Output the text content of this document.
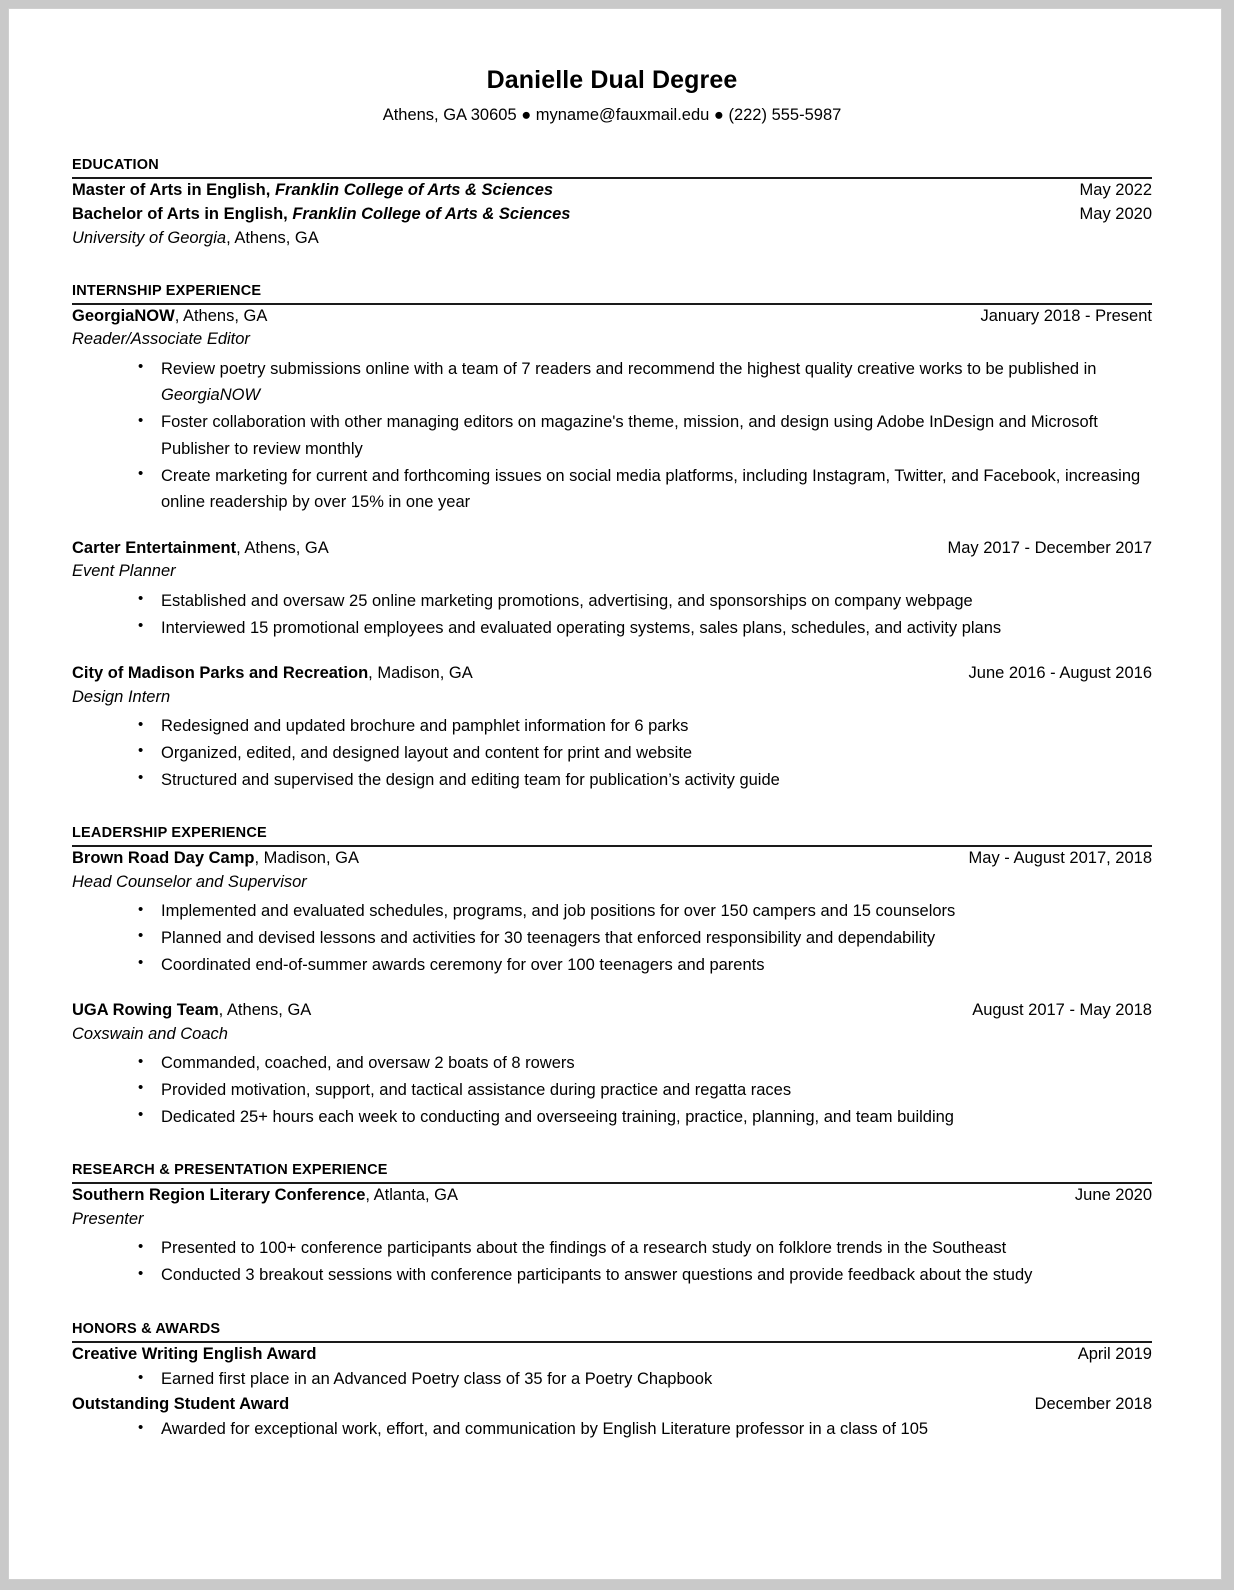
Danielle Dual Degree
Athens, GA 30605 ● myname@fauxmail.edu ● (222) 555-5987
EDUCATION
Master of Arts in English, Franklin College of Arts & Sciences	May 2022
Bachelor of Arts in English, Franklin College of Arts & Sciences	May 2020
University of Georgia, Athens, GA
INTERNSHIP EXPERIENCE
GeorgiaNOW, Athens, GA	January 2018 - Present
Reader/Associate Editor
• Review poetry submissions online with a team of 7 readers and recommend the highest quality creative works to be published in GeorgiaNOW
• Foster collaboration with other managing editors on magazine's theme, mission, and design using Adobe InDesign and Microsoft Publisher to review monthly
• Create marketing for current and forthcoming issues on social media platforms, including Instagram, Twitter, and Facebook, increasing online readership by over 15% in one year
Carter Entertainment, Athens, GA	May 2017 - December 2017
Event Planner
• Established and oversaw 25 online marketing promotions, advertising, and sponsorships on company webpage
• Interviewed 15 promotional employees and evaluated operating systems, sales plans, schedules, and activity plans
City of Madison Parks and Recreation, Madison, GA	June 2016 - August 2016
Design Intern
• Redesigned and updated brochure and pamphlet information for 6 parks
• Organized, edited, and designed layout and content for print and website
• Structured and supervised the design and editing team for publication’s activity guide
LEADERSHIP EXPERIENCE
Brown Road Day Camp, Madison, GA	May - August 2017, 2018
Head Counselor and Supervisor
• Implemented and evaluated schedules, programs, and job positions for over 150 campers and 15 counselors
• Planned and devised lessons and activities for 30 teenagers that enforced responsibility and dependability
• Coordinated end-of-summer awards ceremony for over 100 teenagers and parents
UGA Rowing Team, Athens, GA	August 2017 - May 2018
Coxswain and Coach
• Commanded, coached, and oversaw 2 boats of 8 rowers
• Provided motivation, support, and tactical assistance during practice and regatta races
• Dedicated 25+ hours each week to conducting and overseeing training, practice, planning, and team building
RESEARCH & PRESENTATION EXPERIENCE
Southern Region Literary Conference, Atlanta, GA	June 2020
Presenter
• Presented to 100+ conference participants about the findings of a research study on folklore trends in the Southeast
• Conducted 3 breakout sessions with conference participants to answer questions and provide feedback about the study
HONORS & AWARDS
Creative Writing English Award	April 2019
• Earned first place in an Advanced Poetry class of 35 for a Poetry Chapbook
Outstanding Student Award	December 2018
• Awarded for exceptional work, effort, and communication by English Literature professor in a class of 105
